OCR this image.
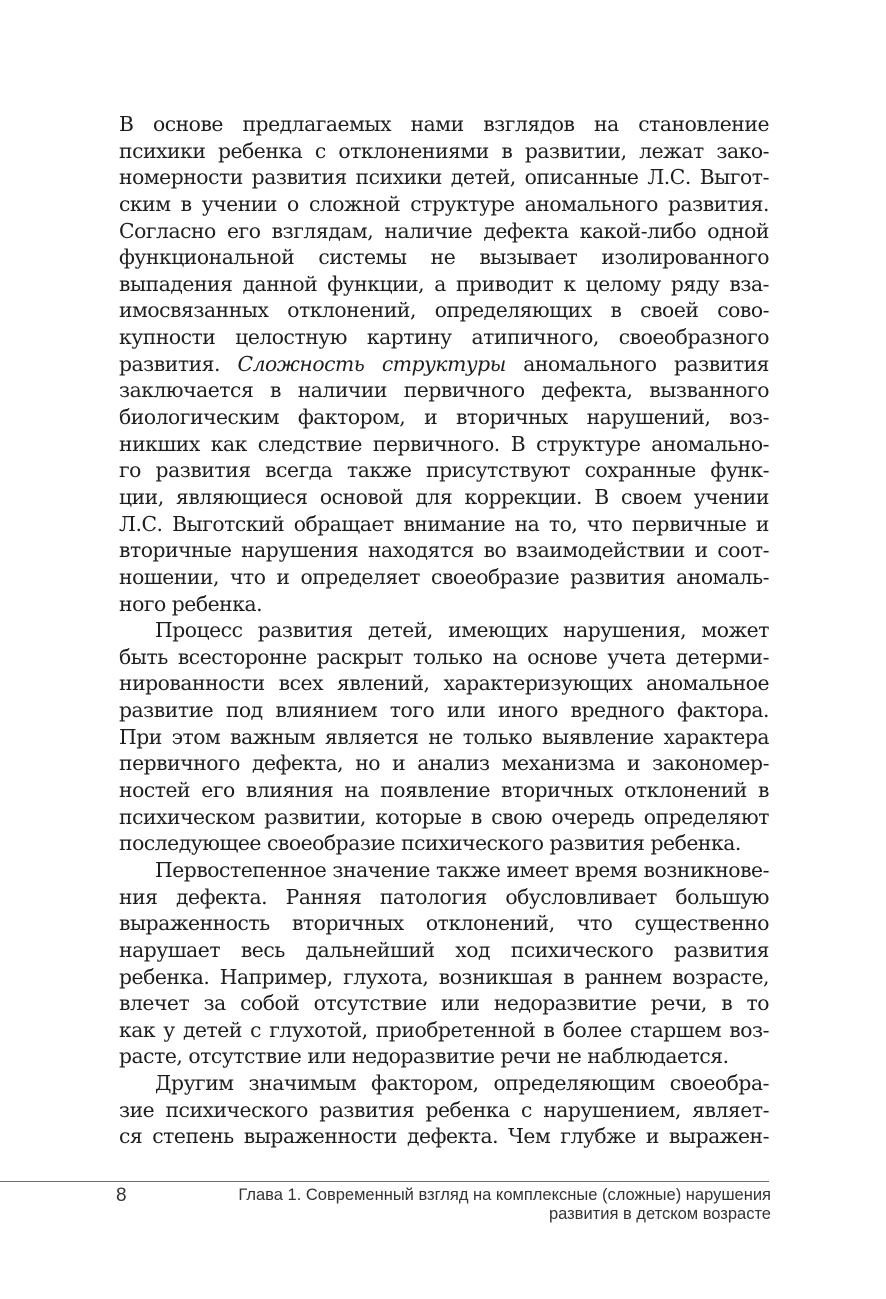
В основе предлагаемых нами взглядов на становление
психики ребенка с отклонениями в развитии, лежат зако-
номерности развития психики детей, описанные Л.С. Выгот-
ским в учении о сложной структуре аномального развития.
Согласно его взглядам, наличие дефекта какой-либо одной
функциональной системы не вызывает изолированного
выпадения данной функции, а приводит к целому ряду вза-
имосвязанных отклонений, определяющих в своей сово-
купности целостную картину атипичного, своеобразного
развития. Сложность структуры аномального развития
заключается в наличии первичного дефекта, вызванного
биологическим фактором, и вторичных нарушений, воз-
никших как следствие первичного. В структуре аномально-
го развития всегда также присутствуют сохранные функ-
ции, являющиеся основой для коррекции. В своем учении
Л.С. Выготский обращает внимание на то, что первичные и
вторичные нарушения находятся во взаимодействии и соот-
ношении, что и определяет своеобразие развития аномаль-
ного ребенка.
Процесс развития детей, имеющих нарушения, может
быть всесторонне раскрыт только на основе учета детерми-
нированности всех явлений, характеризующих аномальное
развитие под влиянием того или иного вредного фактора.
При этом важным является не только выявление характера
первичного дефекта, но и анализ механизма и закономер-
ностей его влияния на появление вторичных отклонений в
психическом развитии, которые в свою очередь определяют
последующее своеобразие психического развития ребенка.
Первостепенное значение также имеет время возникнове-
ния дефекта. Ранняя патология обусловливает большую
выраженность вторичных отклонений, что существенно
нарушает весь дальнейший ход психического развития
ребенка. Например, глухота, возникшая в раннем возрасте,
влечет за собой отсутствие или недоразвитие речи, в то
как у детей с глухотой, приобретенной в более старшем воз-
расте, отсутствие или недоразвитие речи не наблюдается.
Другим значимым фактором, определяющим своеобра-
зие психического развития ребенка с нарушением, являет-
ся степень выраженности дефекта. Чем глубже и выражен-
8	Глава 1. Современный взгляд на комплексные (сложные) нарушения
развития в детском возрасте
